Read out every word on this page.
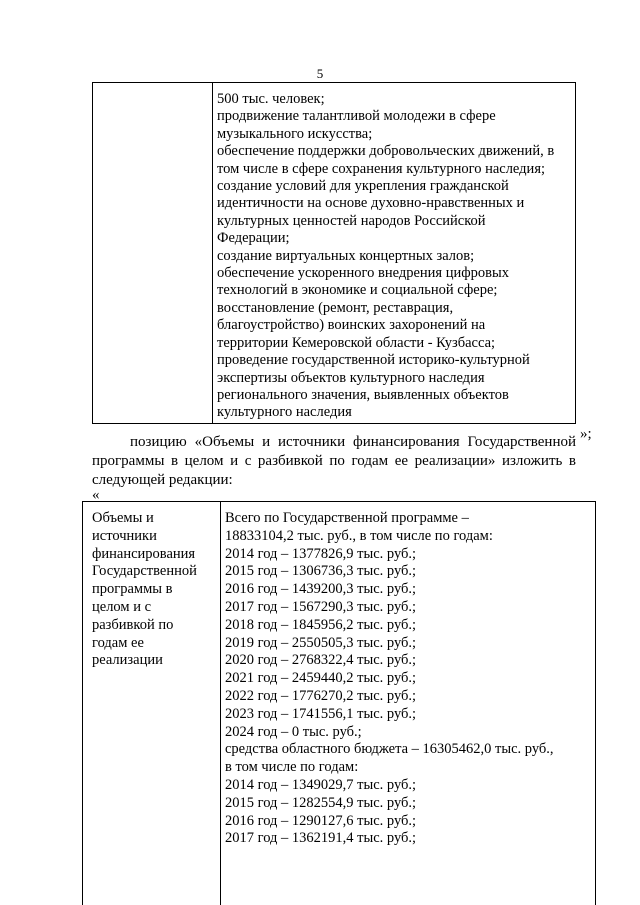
5
500 тыс. человек;
продвижение талантливой молодежи в сфере
музыкального искусства;
обеспечение поддержки добровольческих движений, в
том числе в сфере сохранения культурного наследия;
создание условий для укрепления гражданской
идентичности на основе духовно-нравственных и
культурных ценностей народов Российской
Федерации;
создание виртуальных концертных залов;
обеспечение ускоренного внедрения цифровых
технологий в экономике и социальной сфере;
восстановление (ремонт, реставрация,
благоустройство) воинских захоронений на
территории Кемеровской области - Кузбасса;
проведение государственной историко-культурной
экспертизы объектов культурного наследия
регионального значения, выявленных объектов
культурного наследия
»;
позицию «Объемы и источники финансирования Государственной программы в целом и с разбивкой по годам ее реализации» изложить в следующей редакции:
«
Объемы и
источники
финансирования
Государственной
программы в
целом и с
разбивкой по
годам ее
реализации
Всего по Государственной программе –
18833104,2 тыс. руб., в том числе по годам:
2014 год – 1377826,9 тыс. руб.;
2015 год – 1306736,3 тыс. руб.;
2016 год – 1439200,3 тыс. руб.;
2017 год – 1567290,3 тыс. руб.;
2018 год – 1845956,2 тыс. руб.;
2019 год – 2550505,3 тыс. руб.;
2020 год – 2768322,4 тыс. руб.;
2021 год – 2459440,2 тыс. руб.;
2022 год – 1776270,2 тыс. руб.;
2023 год – 1741556,1 тыс. руб.;
2024 год – 0 тыс. руб.;
средства областного бюджета – 16305462,0 тыс. руб.,
в том числе по годам:
2014 год – 1349029,7 тыс. руб.;
2015 год – 1282554,9 тыс. руб.;
2016 год – 1290127,6 тыс. руб.;
2017 год – 1362191,4 тыс. руб.;
